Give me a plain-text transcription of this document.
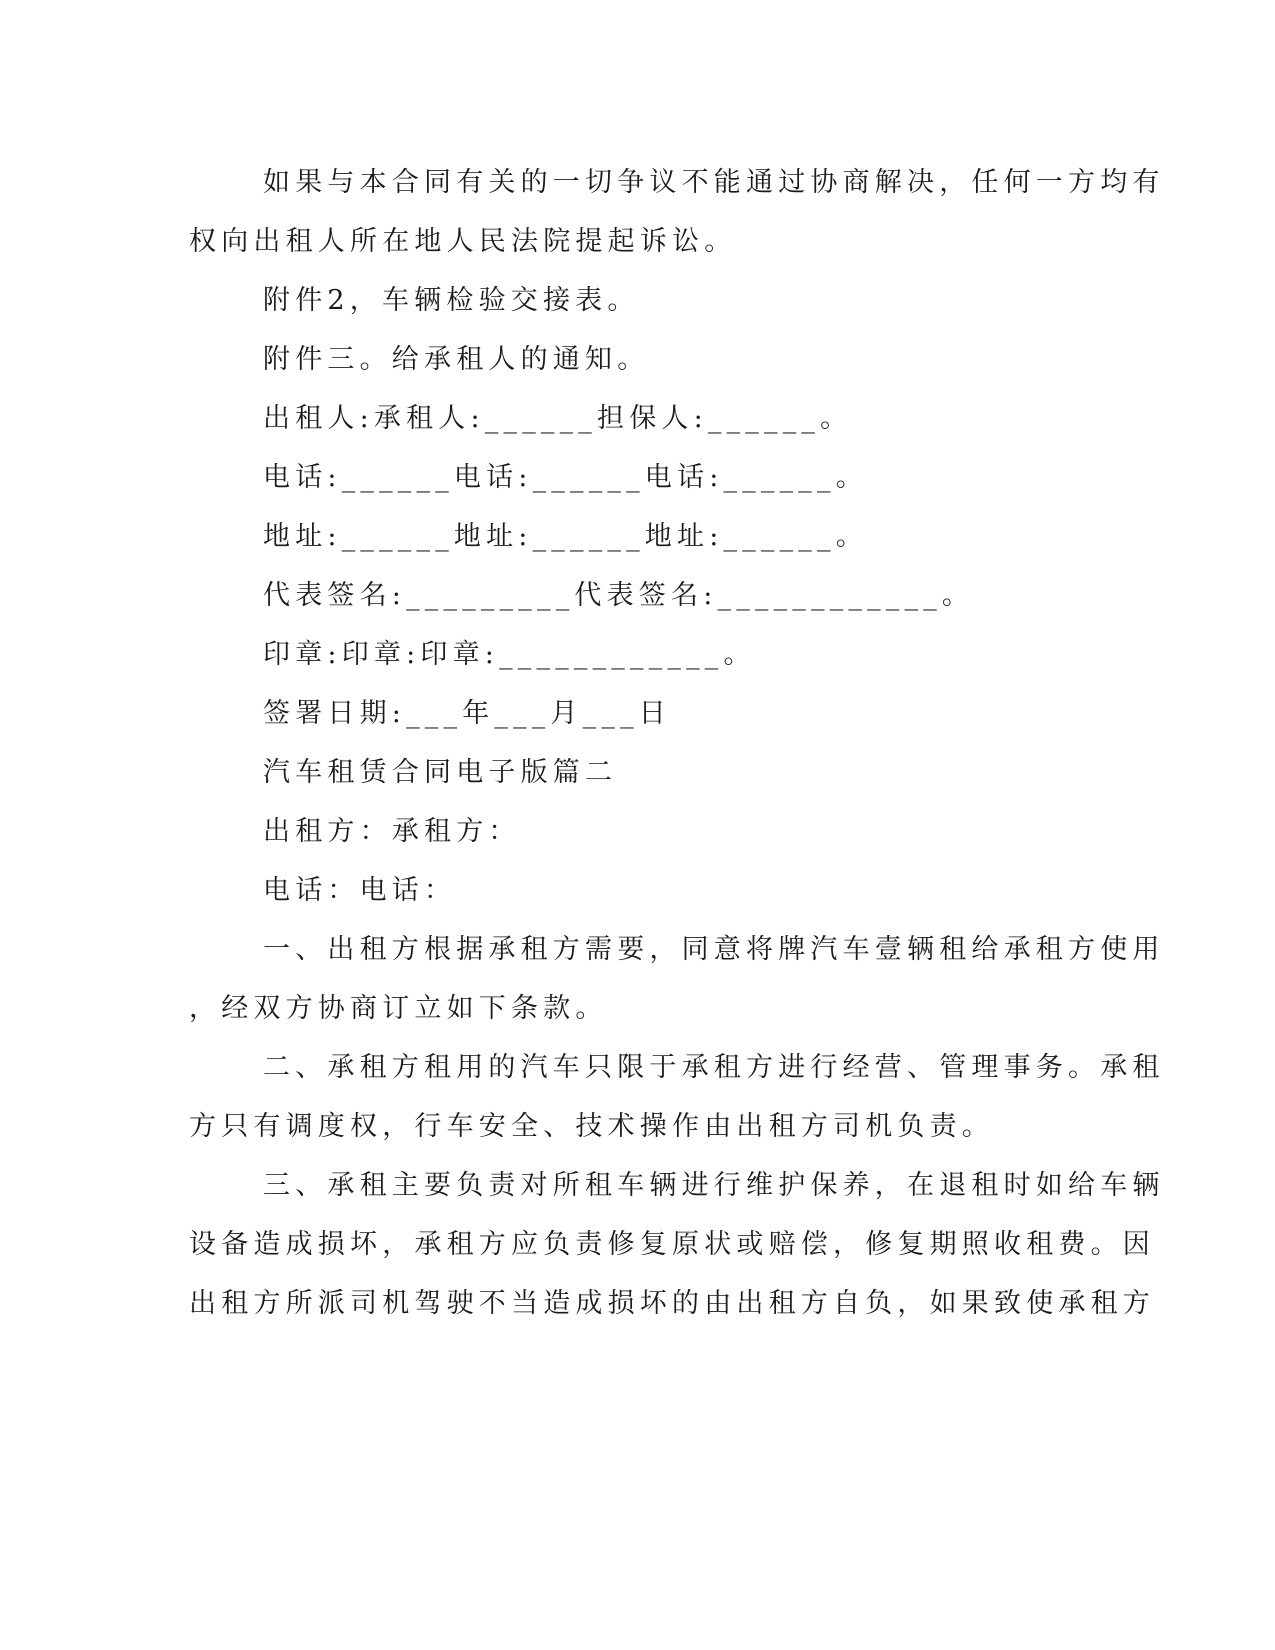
如果与本合同有关的一切争议不能通过协商解决，任何一方均有
权向出租人所在地人民法院提起诉讼。
附件2，车辆检验交接表。
附件三。给承租人的通知。
出租人:承租人:______担保人:______。
电话:______电话:______电话:______。
地址:______地址:______地址:______。
代表签名:_________代表签名:____________。
印章:印章:印章:____________。
签署日期:___年___月___日
汽车租赁合同电子版篇二
出租方：承租方：
电话：电话：
一、出租方根据承租方需要，同意将牌汽车壹辆租给承租方使用
，经双方协商订立如下条款。
二、承租方租用的汽车只限于承租方进行经营、管理事务。承租
方只有调度权，行车安全、技术操作由出租方司机负责。
三、承租主要负责对所租车辆进行维护保养，在退租时如给车辆
设备造成损坏，承租方应负责修复原状或赔偿，修复期照收租费。因
出租方所派司机驾驶不当造成损坏的由出租方自负，如果致使承租方
